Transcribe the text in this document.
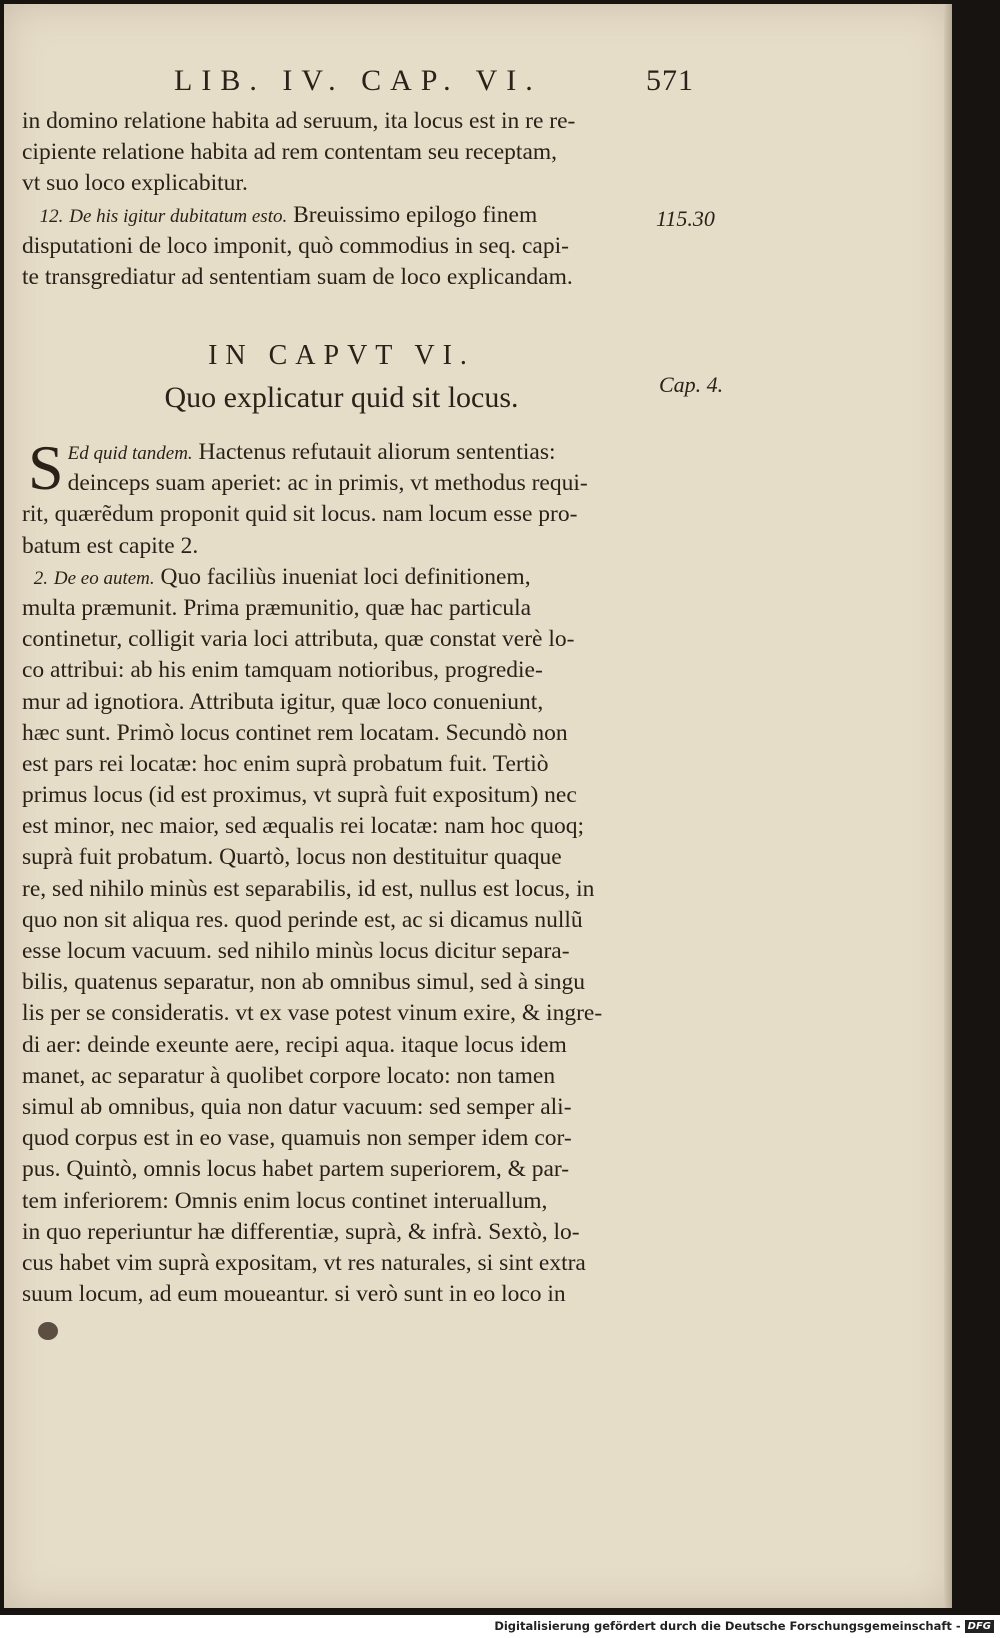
LIB. IV. CAP. VI.	571
in domino relatione habita ad seruum, ita locus est in re re-
cipiente relatione habita ad rem contentam seu receptam,
vt suo loco explicabitur.
12. De his igitur dubitatum esto. Breuissimo epilogo finem
disputationi de loco imponit, quò commodius in seq. capi-
te transgrediatur ad sententiam suam de loco explicandam.
115.30
IN CAPVT VI.
Quo explicatur quid sit locus.	Cap. 4.
S Ed quid tandem. Hactenus refutauit aliorum sententias:
deinceps suam aperiet: ac in primis, vt methodus requi-
rit, quærẽdum proponit quid sit locus. nam locum esse pro-
batum est capite 2.
2. De eo autem. Quo faciliùs inueniat loci definitionem,
multa præmunit. Prima præmunitio, quæ hac particula
continetur, colligit varia loci attributa, quæ constat verè lo-
co attribui: ab his enim tamquam notioribus, progredie-
mur ad ignotiora. Attributa igitur, quæ loco conueniunt,
hæc sunt. Primò locus continet rem locatam. Secundò non
est pars rei locatæ: hoc enim suprà probatum fuit. Tertiò
primus locus (id est proximus, vt suprà fuit expositum) nec
est minor, nec maior, sed æqualis rei locatæ: nam hoc quoq;
suprà fuit probatum. Quartò, locus non destituitur quaque
re, sed nihilo minùs est separabilis, id est, nullus est locus, in
quo non sit aliqua res. quod perinde est, ac si dicamus nullũ
esse locum vacuum. sed nihilo minùs locus dicitur separa-
bilis, quatenus separatur, non ab omnibus simul, sed à singu
lis per se consideratis. vt ex vase potest vinum exire, & ingre-
di aer: deinde exeunte aere, recipi aqua. itaque locus idem
manet, ac separatur à quolibet corpore locato: non tamen
simul ab omnibus, quia non datur vacuum: sed semper ali-
quod corpus est in eo vase, quamuis non semper idem cor-
pus. Quintò, omnis locus habet partem superiorem, & par-
tem inferiorem: Omnis enim locus continet interuallum,
in quo reperiuntur hæ differentiæ, suprà, & infrà. Sextò, lo-
cus habet vim suprà expositam, vt res naturales, si sint extra
suum locum, ad eum moueantur. si verò sunt in eo loco in
Digitalisierung gefördert durch die Deutsche Forschungsgemeinschaft - DFG
